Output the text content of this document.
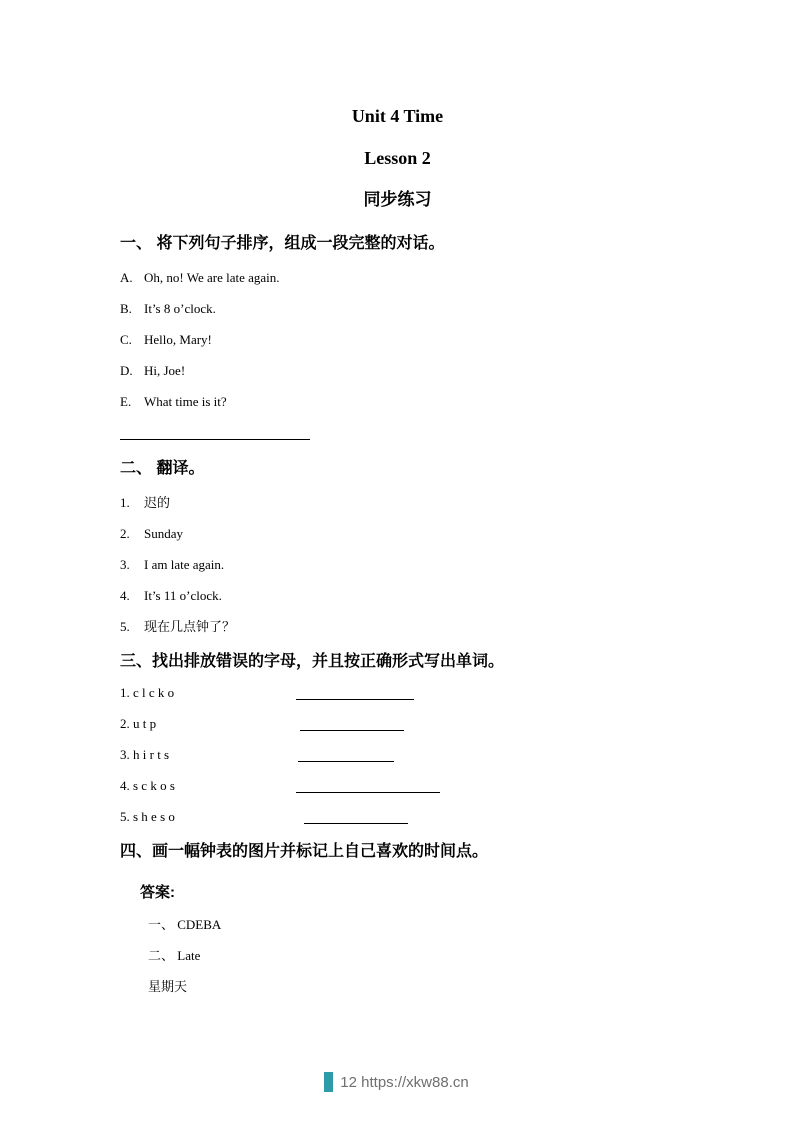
Unit 4 Time
Lesson 2
同步练习
一、 将下列句子排序，组成一段完整的对话。
A. Oh, no! We are late again.
B. It’s 8 o’clock.
C. Hello, Mary!
D. Hi, Joe!
E. What time is it?
二、 翻译。
1.	迟的
2.	Sunday
3.	I am late again.
4.	It’s 11 o’clock.
5.	现在几点钟了？
三、找出排放错误的字母，并且按正确形式写出单词。
1. c l c k o
2. u t p
3. h i r t s
4. s c k o s
5. s h e s o
四、画一幅钟表的图片并标记上自己喜欢的时间点。
答案:
一、 CDEBA
二、 Late
星期天
12 https://xkw88.cn
